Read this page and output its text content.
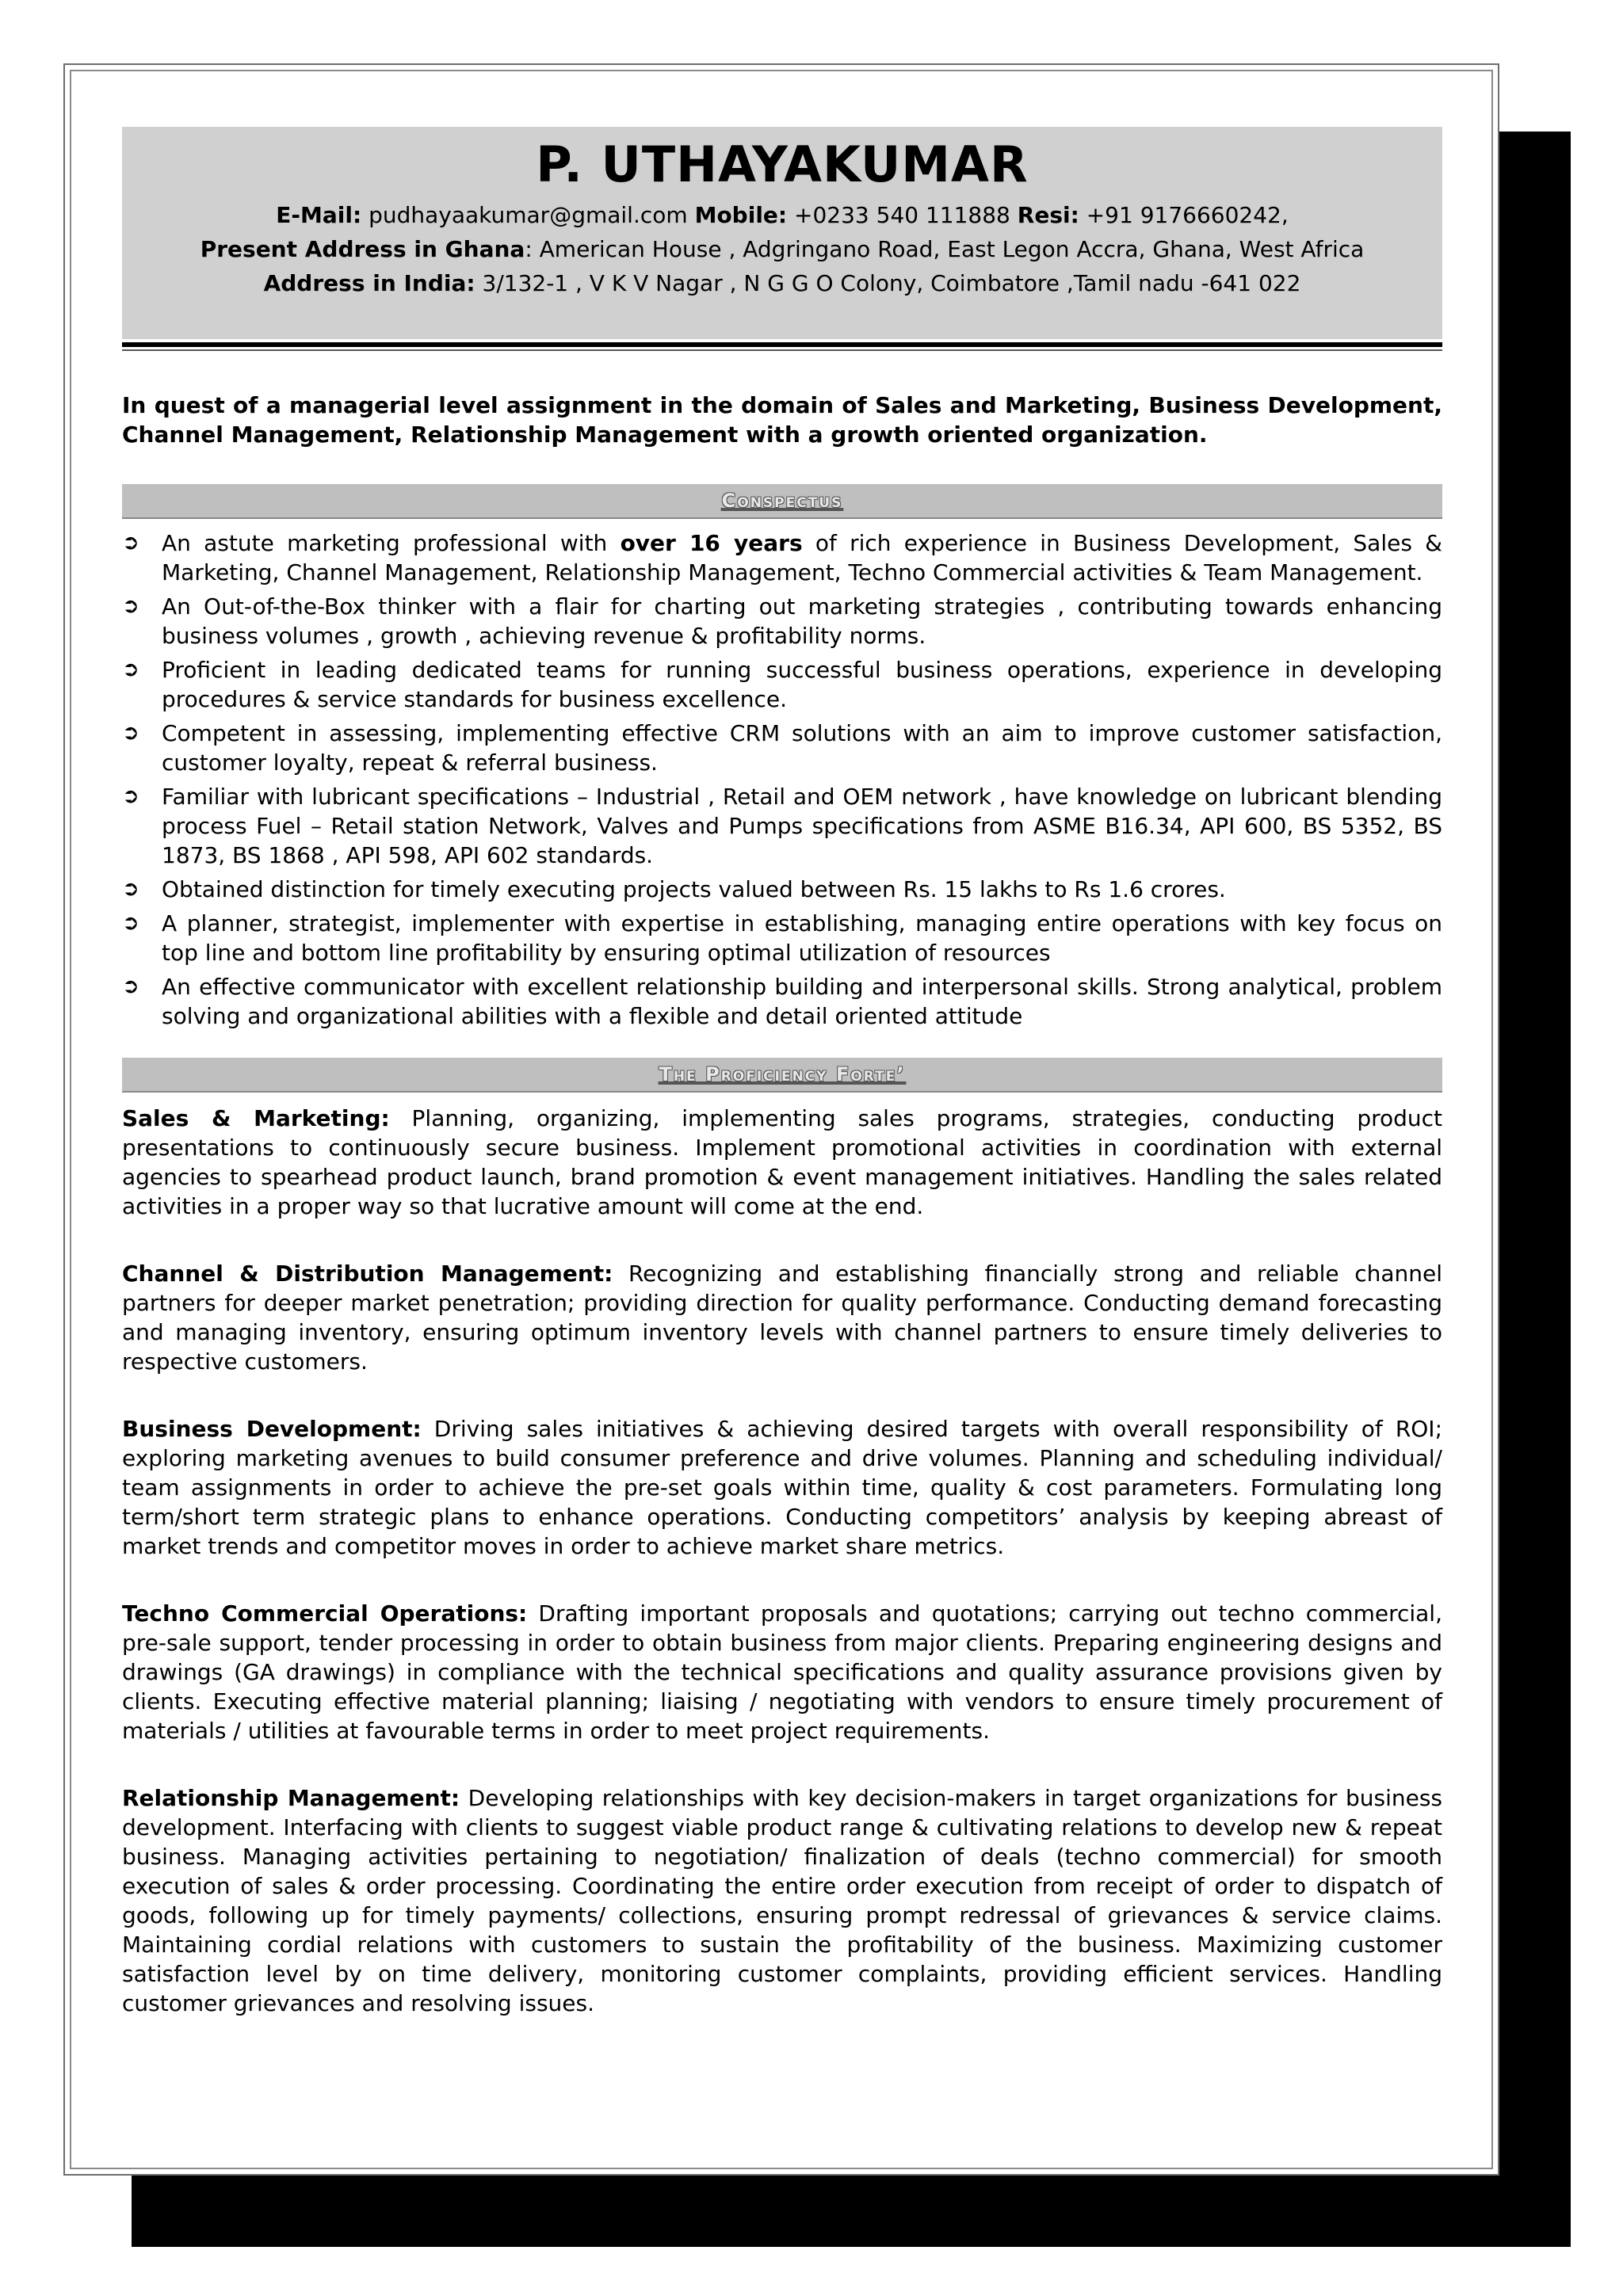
P. UTHAYAKUMAR
E-Mail: pudhayaakumar@gmail.com Mobile: +0233 540 111888 Resi: +91 9176660242,
Present Address in Ghana: American House , Adgringano Road, East Legon Accra, Ghana, West Africa
Address in India: 3/132-1 , V K V Nagar , N G G O Colony, Coimbatore ,Tamil nadu -641 022
In quest of a managerial level assignment in the domain of Sales and Marketing, Business Development, Channel Management, Relationship Management with a growth oriented organization.
Conspectus
➲ An astute marketing professional with over 16 years of rich experience in Business Development, Sales & Marketing, Channel Management, Relationship Management, Techno Commercial activities & Team Management.
➲ An Out-of-the-Box thinker with a flair for charting out marketing strategies , contributing towards enhancing business volumes , growth , achieving revenue & profitability norms.
➲ Proficient in leading dedicated teams for running successful business operations, experience in developing procedures & service standards for business excellence.
➲ Competent in assessing, implementing effective CRM solutions with an aim to improve customer satisfaction, customer loyalty, repeat & referral business.
➲ Familiar with lubricant specifications – Industrial , Retail and OEM network , have knowledge on lubricant blending process Fuel – Retail station Network, Valves and Pumps specifications from ASME B16.34, API 600, BS 5352, BS 1873, BS 1868 , API 598, API 602 standards.
➲ Obtained distinction for timely executing projects valued between Rs. 15 lakhs to Rs 1.6 crores.
➲ A planner, strategist, implementer with expertise in establishing, managing entire operations with key focus on top line and bottom line profitability by ensuring optimal utilization of resources
➲ An effective communicator with excellent relationship building and interpersonal skills. Strong analytical, problem solving and organizational abilities with a flexible and detail oriented attitude
The Proficiency Forte’
Sales & Marketing: Planning, organizing, implementing sales programs, strategies, conducting product presentations to continuously secure business. Implement promotional activities in coordination with external agencies to spearhead product launch, brand promotion & event management initiatives. Handling the sales related activities in a proper way so that lucrative amount will come at the end.
Channel & Distribution Management: Recognizing and establishing financially strong and reliable channel partners for deeper market penetration; providing direction for quality performance. Conducting demand forecasting and managing inventory, ensuring optimum inventory levels with channel partners to ensure timely deliveries to respective customers.
Business Development: Driving sales initiatives & achieving desired targets with overall responsibility of ROI; exploring marketing avenues to build consumer preference and drive volumes. Planning and scheduling individual/ team assignments in order to achieve the pre-set goals within time, quality & cost parameters. Formulating long term/short term strategic plans to enhance operations. Conducting competitors’ analysis by keeping abreast of market trends and competitor moves in order to achieve market share metrics.
Techno Commercial Operations: Drafting important proposals and quotations; carrying out techno commercial, pre-sale support, tender processing in order to obtain business from major clients. Preparing engineering designs and drawings (GA drawings) in compliance with the technical specifications and quality assurance provisions given by clients. Executing effective material planning; liaising / negotiating with vendors to ensure timely procurement of materials / utilities at favourable terms in order to meet project requirements.
Relationship Management: Developing relationships with key decision-makers in target organizations for business development. Interfacing with clients to suggest viable product range & cultivating relations to develop new & repeat business. Managing activities pertaining to negotiation/ finalization of deals (techno commercial) for smooth execution of sales & order processing. Coordinating the entire order execution from receipt of order to dispatch of goods, following up for timely payments/ collections, ensuring prompt redressal of grievances & service claims. Maintaining cordial relations with customers to sustain the profitability of the business. Maximizing customer satisfaction level by on time delivery, monitoring customer complaints, providing efficient services. Handling customer grievances and resolving issues.
